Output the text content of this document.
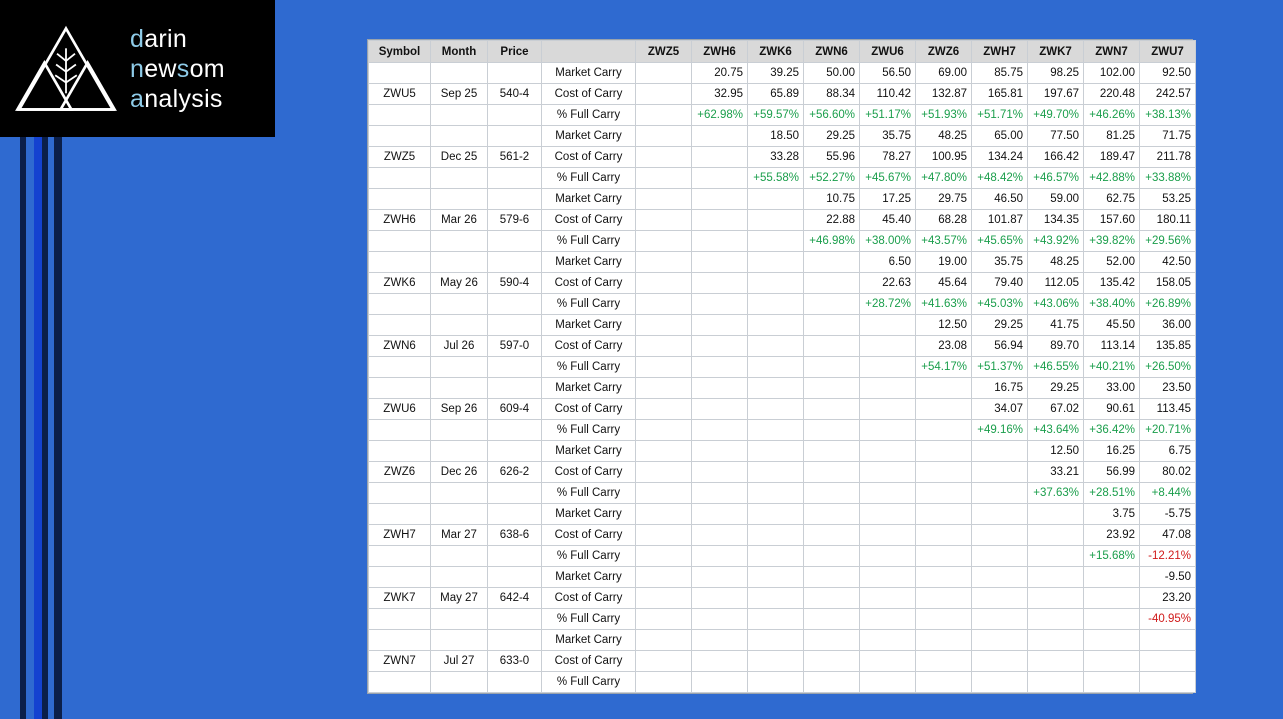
darin
newsom
analysis
Symbol	Month	Price		ZWZ5	ZWH6	ZWK6	ZWN6	ZWU6	ZWZ6	ZWH7	ZWK7	ZWN7	ZWU7	
			Market Carry		20.75	39.25	50.00	56.50	69.00	85.75	98.25	102.00	92.50	
ZWU5	Sep 25	540-4	Cost of Carry		32.95	65.89	88.34	110.42	132.87	165.81	197.67	220.48	242.57	
			% Full Carry		+62.98%	+59.57%	+56.60%	+51.17%	+51.93%	+51.71%	+49.70%	+46.26%	+38.13%	
			Market Carry			18.50	29.25	35.75	48.25	65.00	77.50	81.25	71.75	
ZWZ5	Dec 25	561-2	Cost of Carry			33.28	55.96	78.27	100.95	134.24	166.42	189.47	211.78	
			% Full Carry			+55.58%	+52.27%	+45.67%	+47.80%	+48.42%	+46.57%	+42.88%	+33.88%	
			Market Carry				10.75	17.25	29.75	46.50	59.00	62.75	53.25	
ZWH6	Mar 26	579-6	Cost of Carry				22.88	45.40	68.28	101.87	134.35	157.60	180.11	
			% Full Carry				+46.98%	+38.00%	+43.57%	+45.65%	+43.92%	+39.82%	+29.56%	
			Market Carry					6.50	19.00	35.75	48.25	52.00	42.50	
ZWK6	May 26	590-4	Cost of Carry					22.63	45.64	79.40	112.05	135.42	158.05	
			% Full Carry					+28.72%	+41.63%	+45.03%	+43.06%	+38.40%	+26.89%	
			Market Carry						12.50	29.25	41.75	45.50	36.00	
ZWN6	Jul 26	597-0	Cost of Carry						23.08	56.94	89.70	113.14	135.85	
			% Full Carry						+54.17%	+51.37%	+46.55%	+40.21%	+26.50%	
			Market Carry							16.75	29.25	33.00	23.50	
ZWU6	Sep 26	609-4	Cost of Carry							34.07	67.02	90.61	113.45	
			% Full Carry							+49.16%	+43.64%	+36.42%	+20.71%	
			Market Carry								12.50	16.25	6.75	
ZWZ6	Dec 26	626-2	Cost of Carry								33.21	56.99	80.02	
			% Full Carry								+37.63%	+28.51%	+8.44%	
			Market Carry									3.75	-5.75	
ZWH7	Mar 27	638-6	Cost of Carry									23.92	47.08	
			% Full Carry									+15.68%	-12.21%	
			Market Carry										-9.50	
ZWK7	May 27	642-4	Cost of Carry										23.20	
			% Full Carry										-40.95%	
			Market Carry											
ZWN7	Jul 27	633-0	Cost of Carry											
			% Full Carry											
